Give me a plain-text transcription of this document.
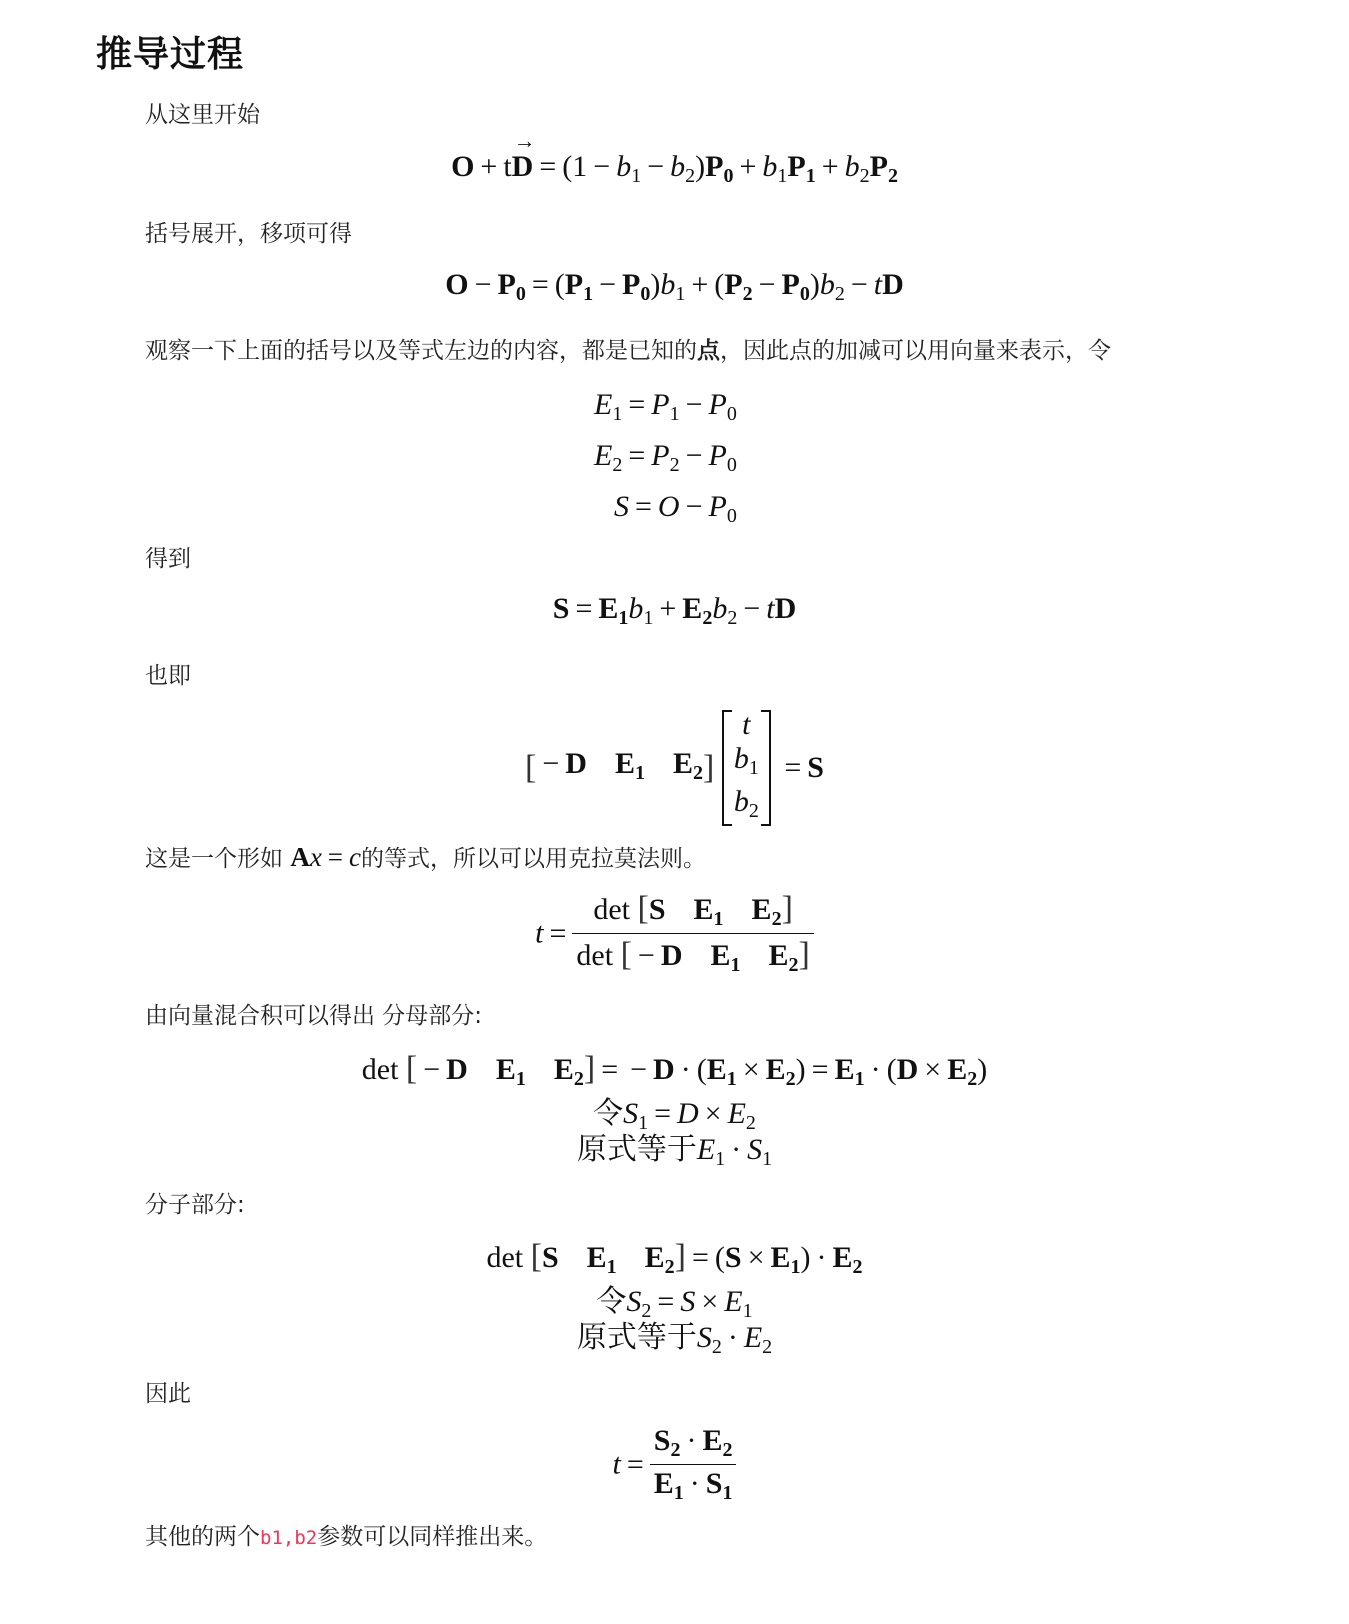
推导过程
从这里开始
$O + t\to D = (1 - b_1 - b_2)P_0 + b_1P_1 + b_2P_2$
括号展开，移项可得
$O - P_0 = (P_1 - P_0)b_1 + (P_2 - P_0)b_2$ − tD
观察一下上面的括号以及等式左边的内容，都是已知的点，因此点的加减可以用向量来表示，令
$E_1 = P_1 - P_0$
$E_2 = P_2 - P_0$
$S = O - P_0$
得到
$S = E_1b_1 + E_2b_2$ − tD
也即
[ − D $E_1$ $E_2$]
t
$b_1$
$b_2$
= S
这是一个形如 Ax = c的等式，所以可以用克拉莫法则。
$t = \frac{\det [S E_1 E_2]}{\det [ - D E_1 E_2]}$
由向量混合积可以得出 分母部分:
det [ − D $E_1$ $E_2$] = − $D \cdot (E_1 \times E_2) = E_1 \cdot (D \times E_2)$
令$S_1 = D \times E_2$
原式等于$E_1 \cdot S_1$
分子部分:
det [S $E_1$ $E_2] = (S \times E_1) \cdot E_2$
令$S_2 = S \times E_1$
原式等于$S_2 \cdot E_2$
因此
$t = \frac{S_2 \cdot E_2}{E_1 \cdot S_1}$
其他的两个b1,b2参数可以同样推出来。
